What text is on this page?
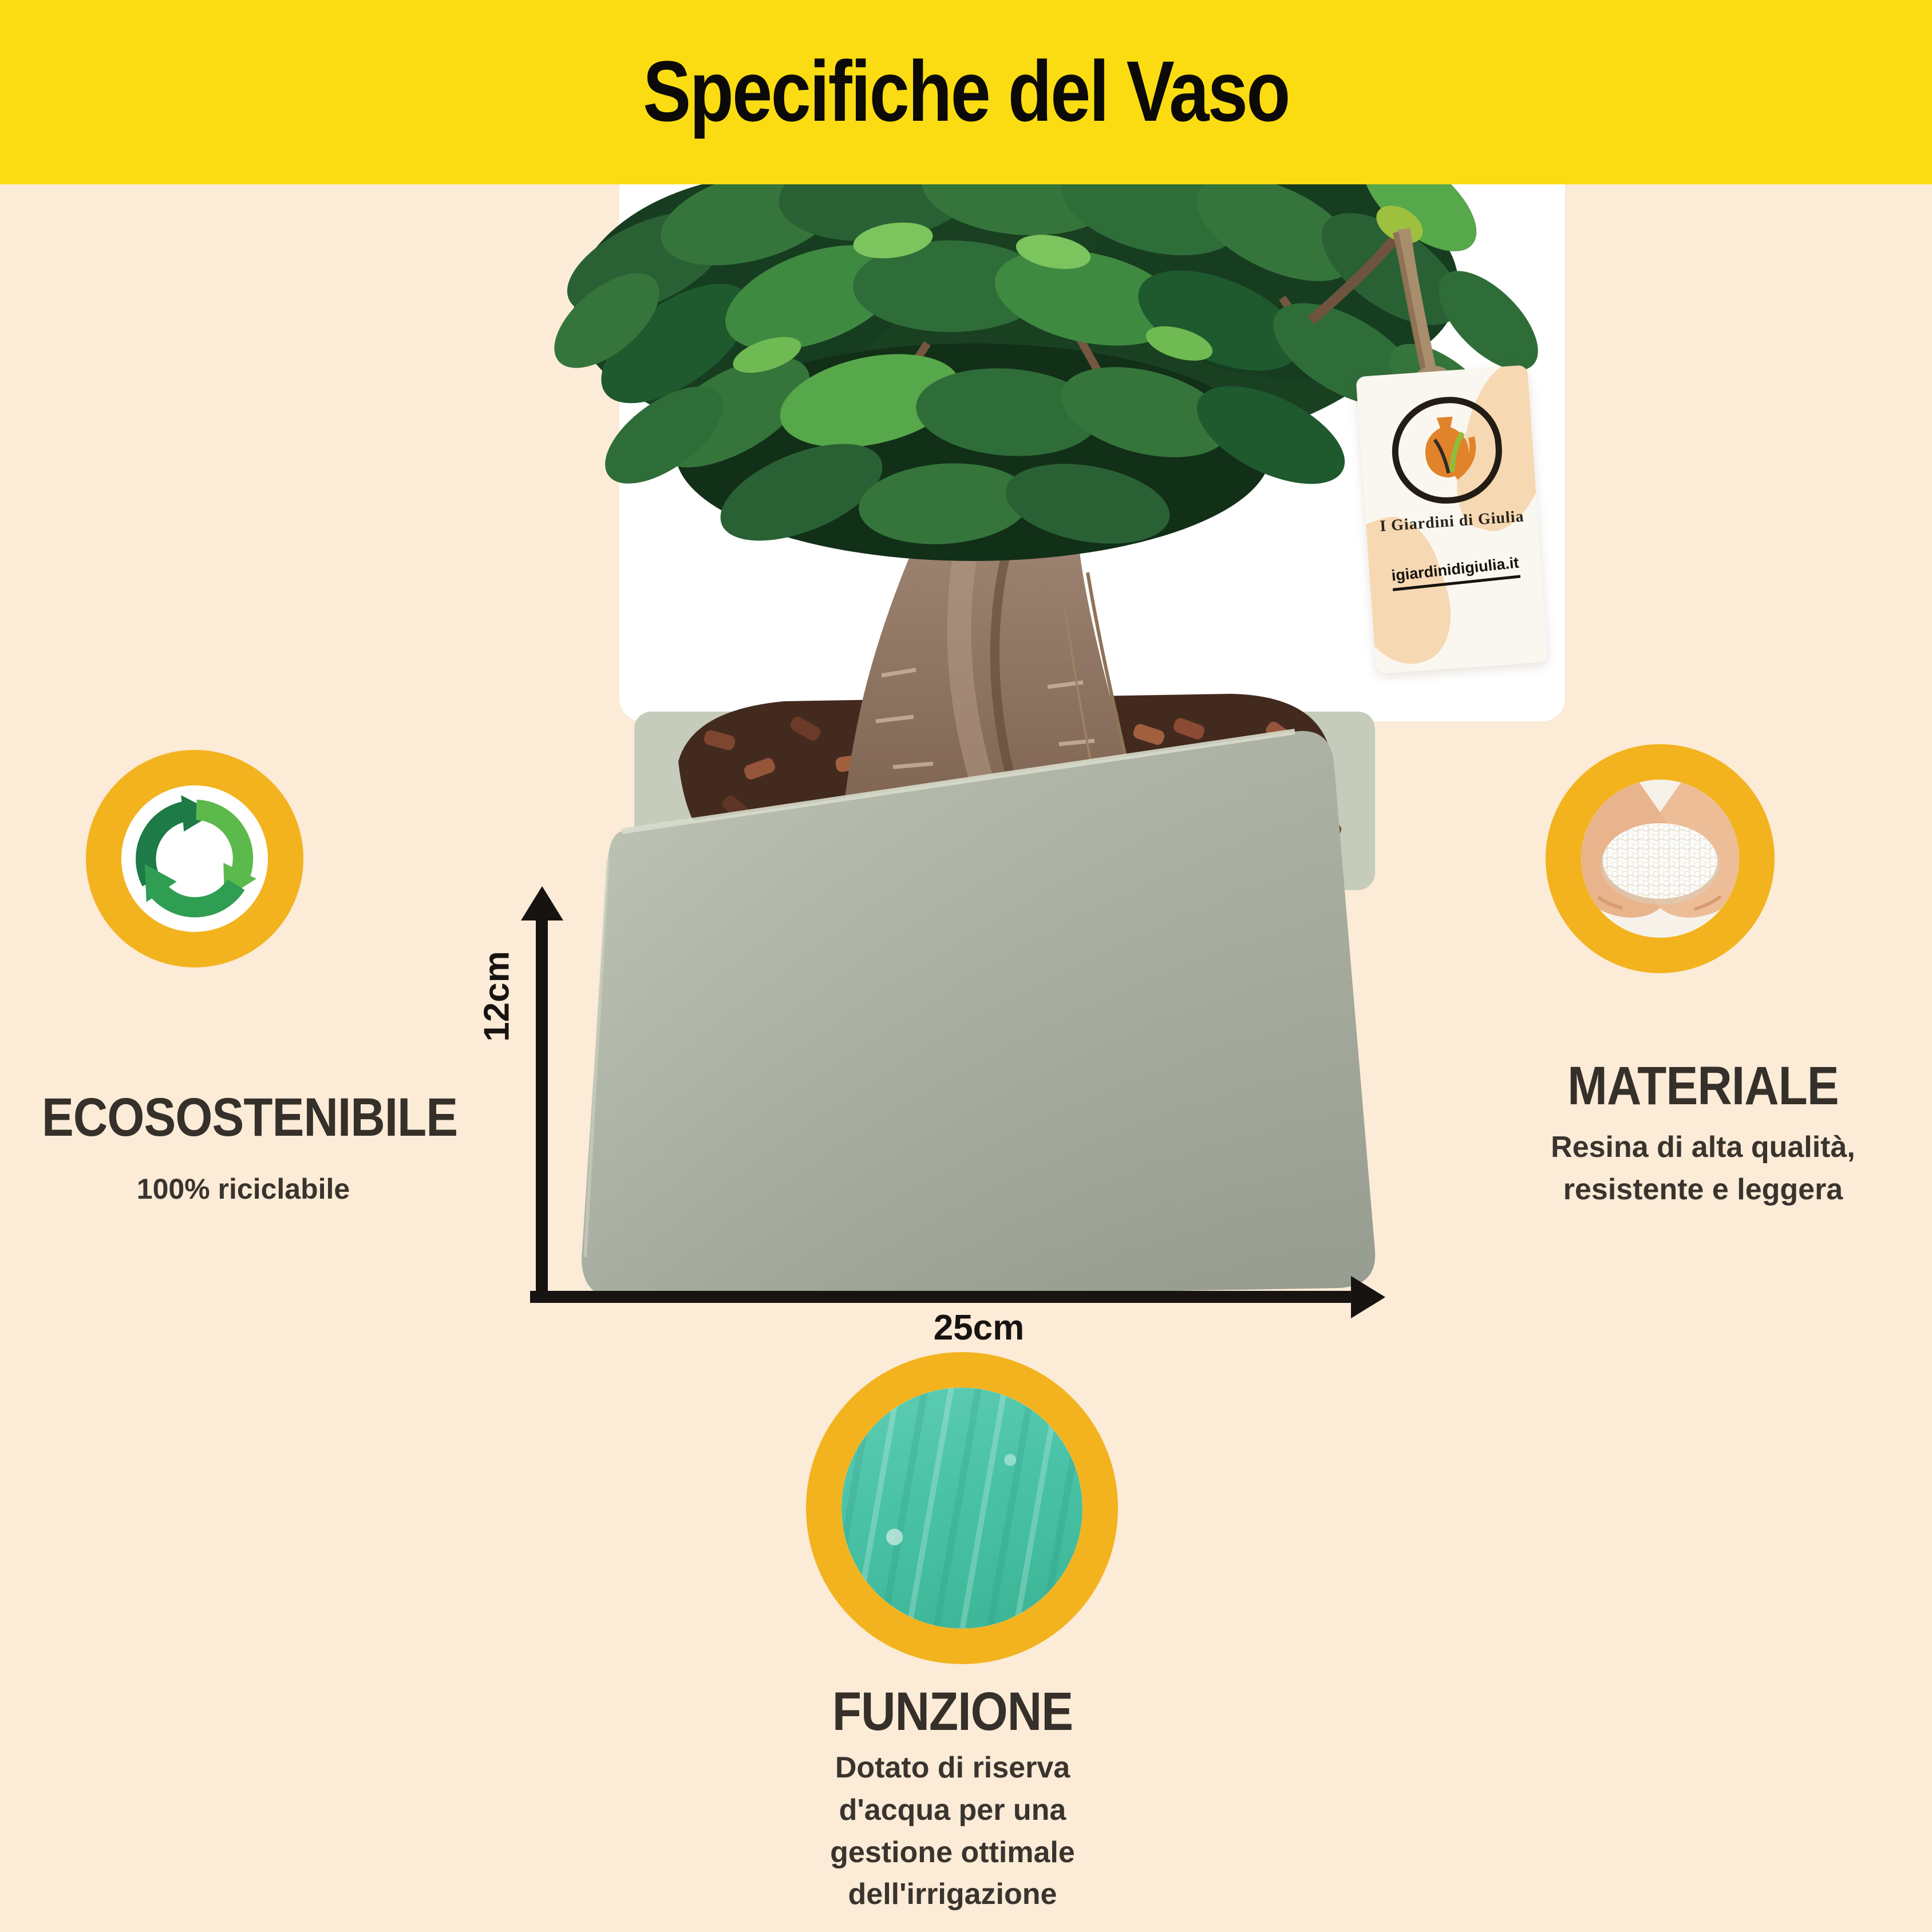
Specifiche del Vaso
I Giardini di Giulia
igiardinidigiulia.it
ECOSOSTENIBILE
100% riciclabile
MATERIALE
Resina di alta qualità, resistente e leggera
FUNZIONE
Dotato di riserva d'acqua per una gestione ottimale dell'irrigazione
12cm
25cm
